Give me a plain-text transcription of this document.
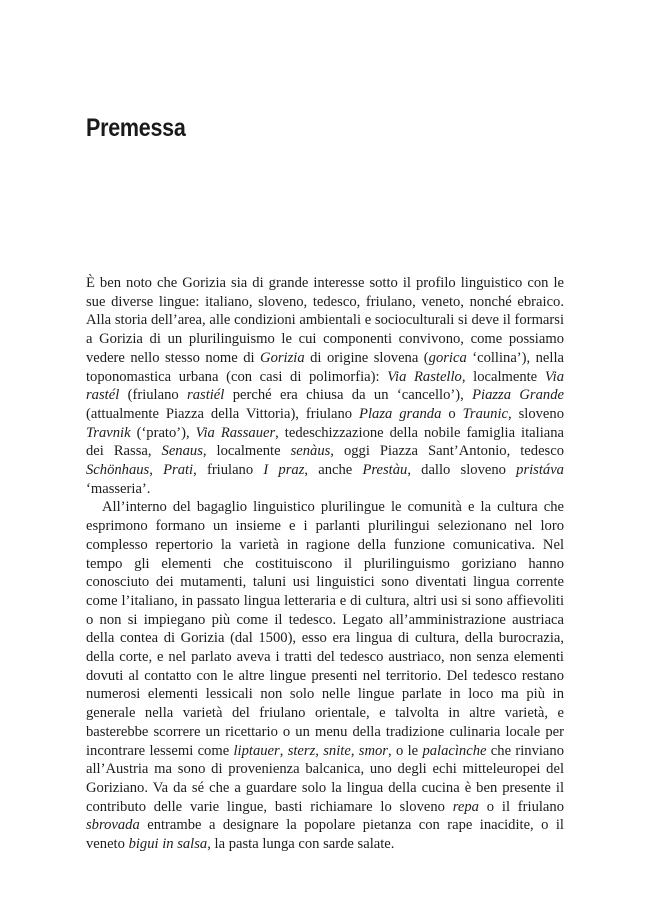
Premessa

È ben noto che Gorizia sia di grande interesse sotto il profilo linguistico con le sue diverse lingue: italiano, sloveno, tedesco, friulano, veneto, nonché ebraico. Alla storia dell’area, alle condizioni ambientali e socioculturali si deve il formarsi a Gorizia di un plurilinguismo le cui componenti convivono, come possiamo vedere nello stesso nome di Gorizia di origine slovena (gorica ‘collina’), nella toponomastica urbana (con casi di polimorfia): Via Rastello, localmente Via rastél (friulano rastiél perché era chiusa da un ‘cancello’), Piazza Grande (attualmente Piazza della Vittoria), friulano Plaza granda o Traunic, sloveno Travnik (‘prato’), Via Rassauer, tedeschizzazione della nobile famiglia italiana dei Rassa, Senaus, localmente senàus, oggi Piazza Sant’Antonio, tedesco Schönhaus, Prati, friulano I praz, anche Prestàu, dallo sloveno pristáva ‘masseria’.

All’interno del bagaglio linguistico plurilingue le comunità e la cultura che esprimono formano un insieme e i parlanti plurilingui selezionano nel loro complesso repertorio la varietà in ragione della funzione comunicativa. Nel tempo gli elementi che costituiscono il plurilinguismo goriziano hanno conosciuto dei mutamenti, taluni usi linguistici sono diventati lingua corrente come l’italiano, in passato lingua letteraria e di cultura, altri usi si sono affievoliti o non si impiegano più come il tedesco. Legato all’amministrazione austriaca della contea di Gorizia (dal 1500), esso era lingua di cultura, della burocrazia, della corte, e nel parlato aveva i tratti del tedesco austriaco, non senza elementi dovuti al contatto con le altre lingue presenti nel territorio. Del tedesco restano numerosi elementi lessicali non solo nelle lingue parlate in loco ma più in generale nella varietà del friulano orientale, e talvolta in altre varietà, e basterebbe scorrere un ricettario o un menu della tradizione culinaria locale per incontrare lessemi come liptauer, sterz, snite, smor, o le palacìnche che rinviano all’Austria ma sono di provenienza balcanica, uno degli echi mitteleuropei del Goriziano. Va da sé che a guardare solo la lingua della cucina è ben presente il contributo delle varie lingue, basti richiamare lo sloveno repa o il friulano sbrovada entrambe a designare la popolare pietanza con rape inacidite, o il veneto bigui in salsa, la pasta lunga con sarde salate.
